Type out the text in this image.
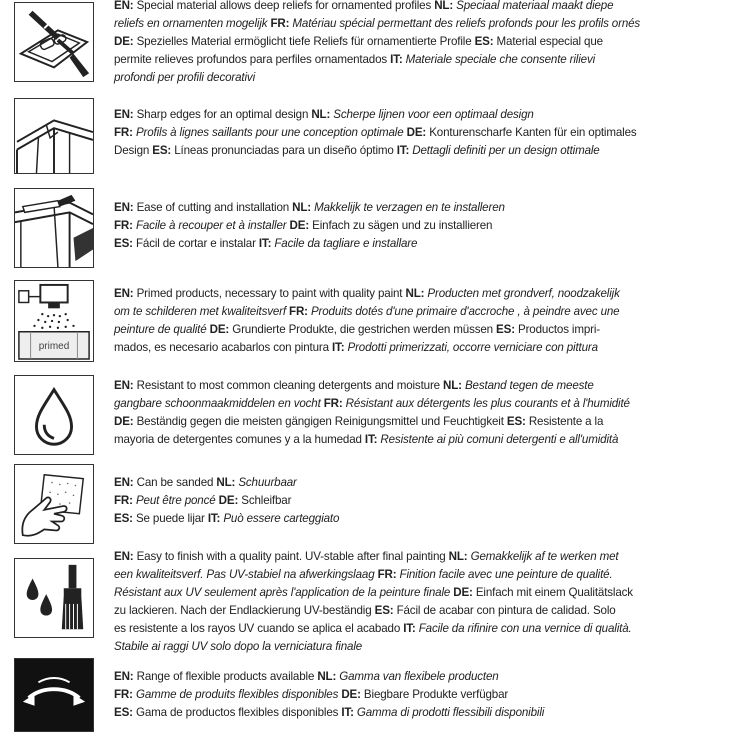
EN: Special material allows deep reliefs for ornamented profiles NL: Speciaal materiaal maakt diepe
reliefs en ornamenten mogelijk FR: Matériau spécial permettant des reliefs profonds pour les profils ornés
DE: Spezielles Material ermöglicht tiefe Reliefs für ornamentierte Profile ES: Material especial que
permite relieves profundos para perfiles ornamentados IT: Materiale speciale che consente rilievi
profondi per profili decorativi
EN: Sharp edges for an optimal design NL: Scherpe lijnen voor een optimaal design
FR: Profils à lignes saillants pour une conception optimale DE: Konturenscharfe Kanten für ein optimales
Design ES: Líneas pronunciadas para un diseño óptimo IT: Dettagli definiti per un design ottimale
EN: Ease of cutting and installation NL: Makkelijk te verzagen en te installeren
FR: Facile à recouper et à installer DE: Einfach zu sägen und zu installieren
ES: Fácil de cortar e instalar IT: Facile da tagliare e installare
primed
EN: Primed products, necessary to paint with quality paint NL: Producten met grondverf, noodzakelijk
om te schilderen met kwaliteitsverf FR: Produits dotés d'une primaire d'accroche , à peindre avec une
peinture de qualité DE: Grundierte Produkte, die gestrichen werden müssen ES: Productos impri-
mados, es necesario acabarlos con pintura IT: Prodotti primerizzati, occorre verniciare con pittura
EN: Resistant to most common cleaning detergents and moisture NL: Bestand tegen de meeste
gangbare schoonmaakmiddelen en vocht FR: Résistant aux détergents les plus courants et à l'humidité
DE: Beständig gegen die meisten gängigen Reinigungsmittel und Feuchtigkeit ES: Resistente a la
mayoria de detergentes comunes y a la humedad IT: Resistente ai più comuni detergenti e all'umidità
EN: Can be sanded NL: Schuurbaar
FR: Peut être poncé DE: Schleifbar
ES: Se puede lijar IT: Può essere carteggiato
EN: Easy to finish with a quality paint. UV-stable after final painting NL: Gemakkelijk af te werken met
een kwaliteitsverf. Pas UV-stabiel na afwerkingslaag FR: Finition facile avec une peinture de qualité.
Résistant aux UV seulement après l'application de la peinture finale DE: Einfach mit einem Qualitätslack
zu lackieren. Nach der Endlackierung UV-beständig ES: Fácil de acabar con pintura de calidad. Solo
es resistente a los rayos UV cuando se aplica el acabado IT: Facile da rifinire con una vernice di qualità.
Stabile ai raggi UV solo dopo la verniciatura finale
EN: Range of flexible products available NL: Gamma van flexibele producten
FR: Gamme de produits flexibles disponibles DE: Biegbare Produkte verfügbar
ES: Gama de productos flexibles disponibles IT: Gamma di prodotti flessibili disponibili
